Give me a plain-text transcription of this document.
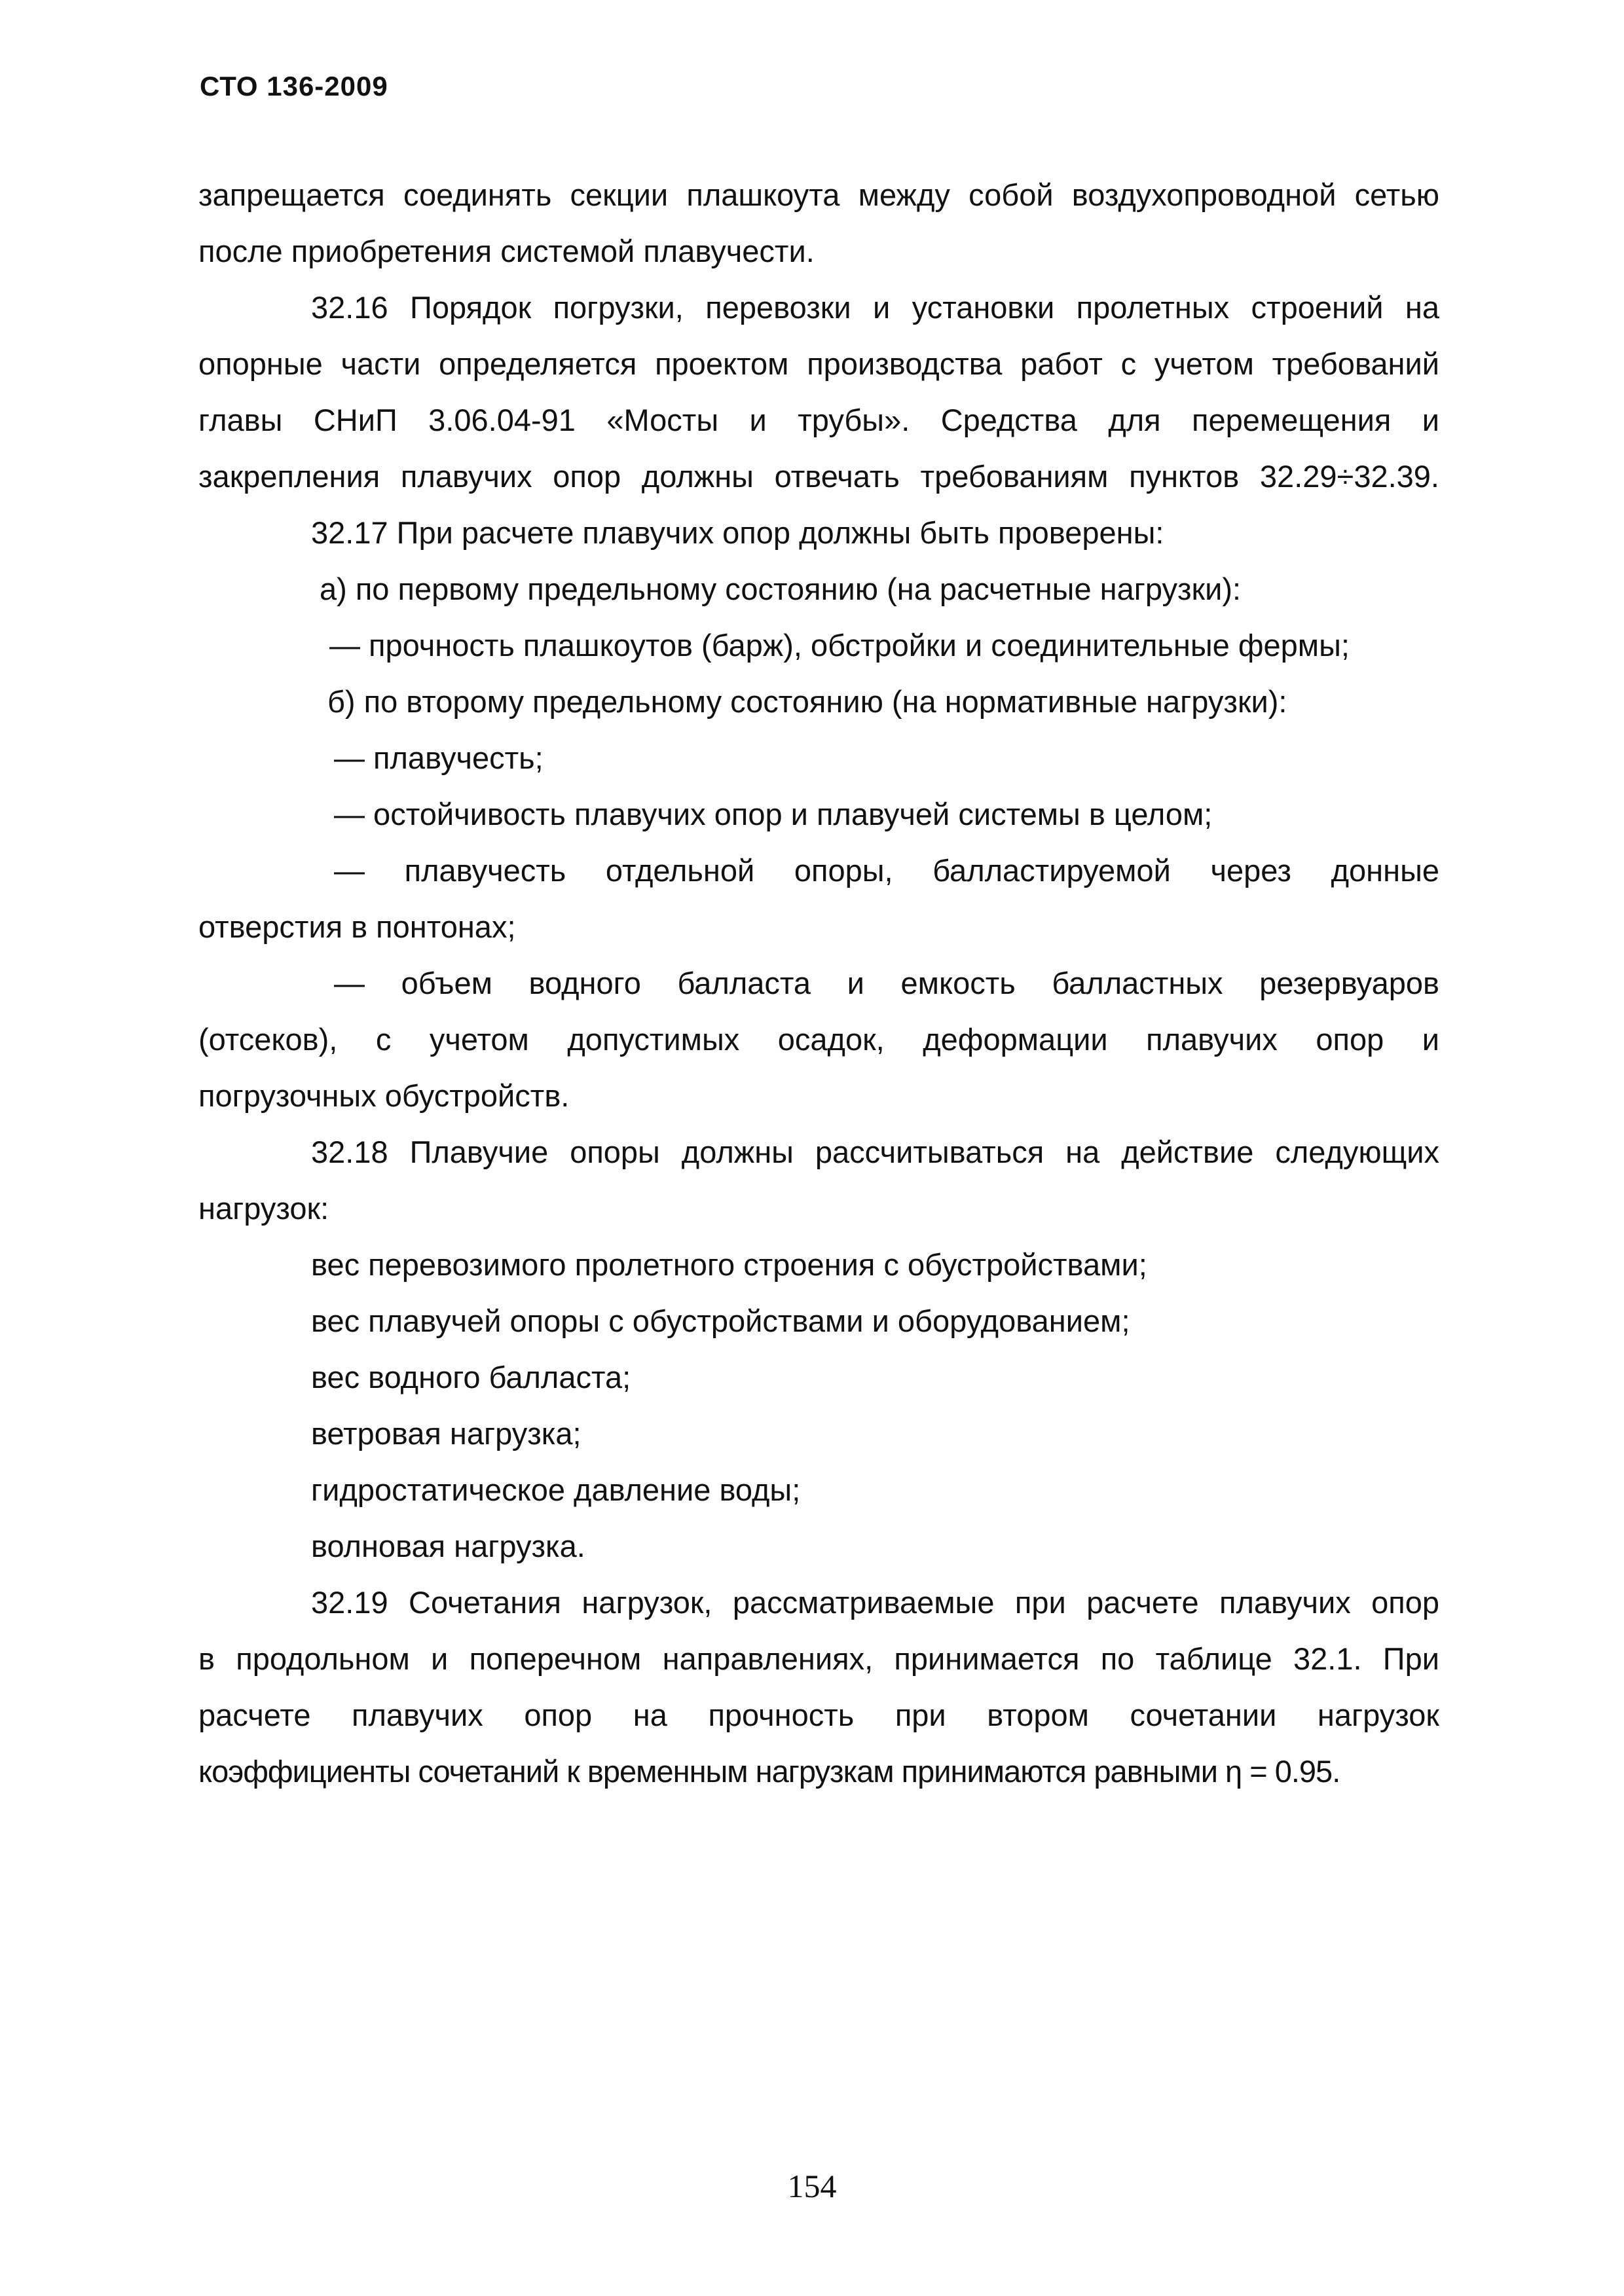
СТО 136-2009
запрещается соединять секции плашкоута между собой воздухопроводной сетью
после приобретения системой плавучести.
32.16 Порядок погрузки, перевозки и установки пролетных строений на
опорные части определяется проектом производства работ с учетом требований
главы СНиП 3.06.04-91 «Мосты и трубы». Средства для перемещения и
закрепления плавучих опор должны отвечать требованиям пунктов 32.29÷32.39.
32.17 При расчете плавучих опор должны быть проверены:
а) по первому предельному состоянию (на расчетные нагрузки):
— прочность плашкоутов (барж), обстройки и соединительные фермы;
б) по второму предельному состоянию (на нормативные нагрузки):
— плавучесть;
— остойчивость плавучих опор и плавучей системы в целом;
— плавучесть отдельной опоры, балластируемой через донные
отверстия в понтонах;
— объем водного балласта и емкость балластных резервуаров
(отсеков), с учетом допустимых осадок, деформации плавучих опор и
погрузочных обустройств.
32.18 Плавучие опоры должны рассчитываться на действие следующих
нагрузок:
вес перевозимого пролетного строения с обустройствами;
вес плавучей опоры с обустройствами и оборудованием;
вес водного балласта;
ветровая нагрузка;
гидростатическое давление воды;
волновая нагрузка.
32.19 Сочетания нагрузок, рассматриваемые при расчете плавучих опор
в продольном и поперечном направлениях, принимается по таблице 32.1. При
расчете плавучих опор на прочность при втором сочетании нагрузок
коэффициенты сочетаний к временным нагрузкам принимаются равными η = 0.95.
154
